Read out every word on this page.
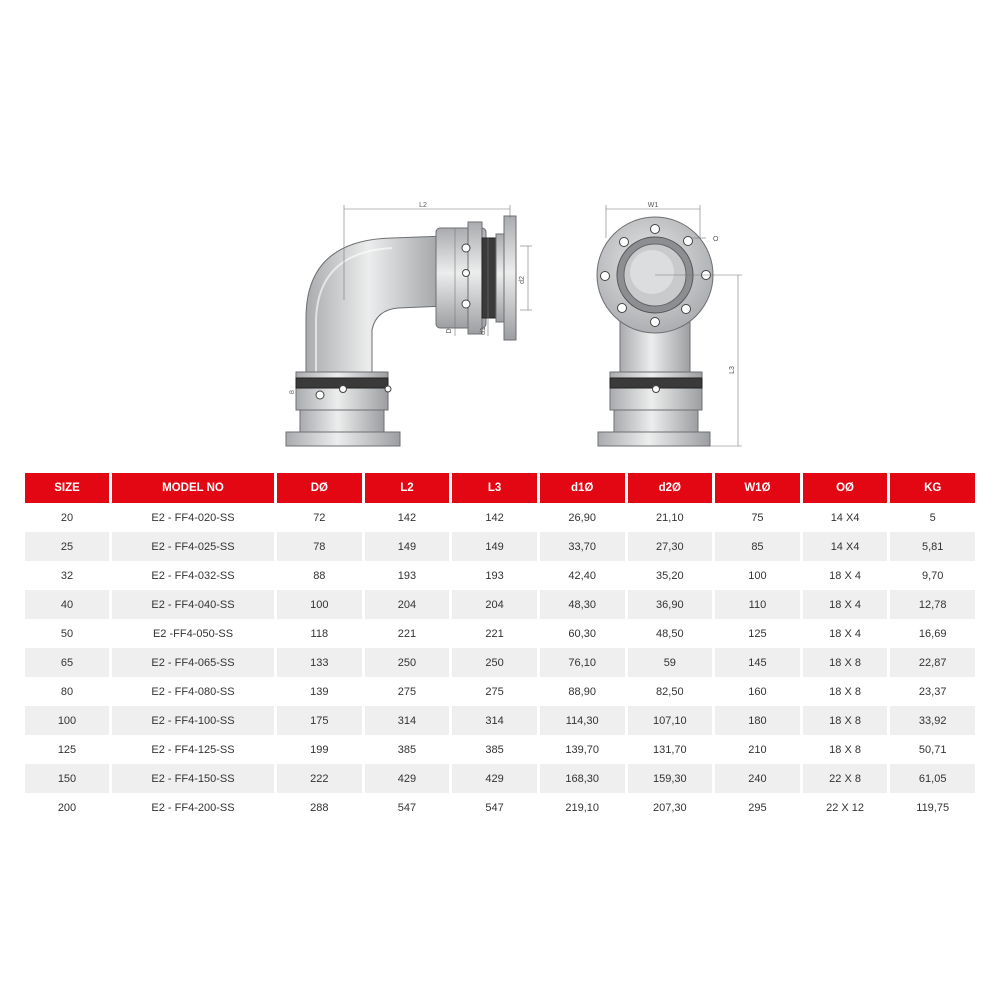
L2
d2
D	d1
B
W1
O
L3
SIZE	MODEL NO	DØ	L2	L3	d1Ø	d2Ø	W1Ø	OØ	KG
20	E2 - FF4-020-SS	72	142	142	26,90	21,10	75	14 X4	5
25	E2 - FF4-025-SS	78	149	149	33,70	27,30	85	14 X4	5,81
32	E2 - FF4-032-SS	88	193	193	42,40	35,20	100	18 X 4	9,70
40	E2 - FF4-040-SS	100	204	204	48,30	36,90	110	18 X 4	12,78
50	E2 -FF4-050-SS	118	221	221	60,30	48,50	125	18 X 4	16,69
65	E2 - FF4-065-SS	133	250	250	76,10	59	145	18 X 8	22,87
80	E2 - FF4-080-SS	139	275	275	88,90	82,50	160	18 X 8	23,37
100	E2 - FF4-100-SS	175	314	314	114,30	107,10	180	18 X 8	33,92
125	E2 - FF4-125-SS	199	385	385	139,70	131,70	210	18 X 8	50,71
150	E2 - FF4-150-SS	222	429	429	168,30	159,30	240	22 X 8	61,05
200	E2 - FF4-200-SS	288	547	547	219,10	207,30	295	22 X 12	119,75
